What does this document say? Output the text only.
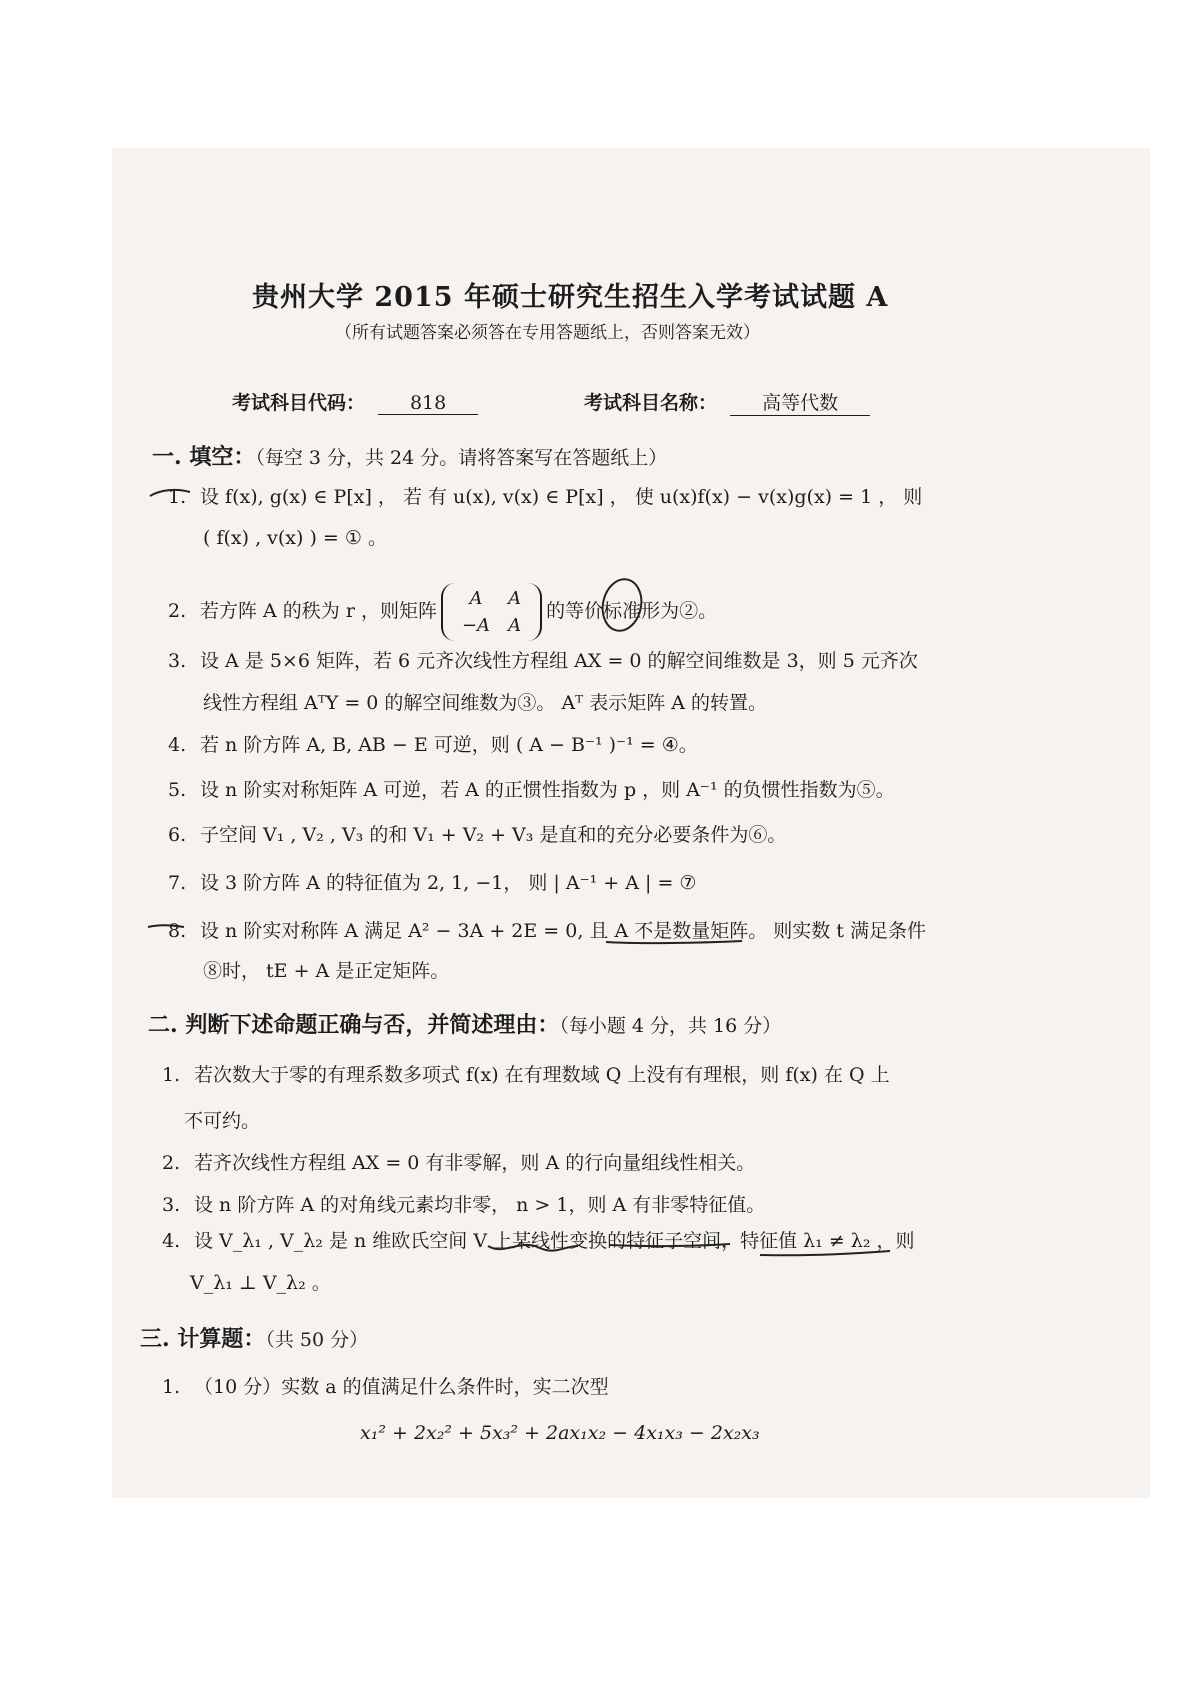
贵州大学 2015 年硕士研究生招生入学考试试题 A
（所有试题答案必须答在专用答题纸上，否则答案无效）
考试科目代码： 818	考试科目名称： 高等代数
一. 填空：（每空 3 分，共 24 分。请将答案写在答题纸上）
1. 设 f(x), g(x) ∈ P[x] ， 若 有 u(x), v(x) ∈ P[x] ， 使 u(x)f(x) − v(x)g(x) = 1 ， 则
( f(x) , v(x) ) = ① 。
2. 若方阵 A 的秩为 r ，则矩阵
A	A
−A	A
的等价标准形为②。
3. 设 A 是 5×6 矩阵，若 6 元齐次线性方程组 AX = 0 的解空间维数是 3，则 5 元齐次
线性方程组 AᵀY = 0 的解空间维数为③。 Aᵀ 表示矩阵 A 的转置。
4. 若 n 阶方阵 A, B, AB − E 可逆，则 ( A − B⁻¹ )⁻¹ = ④。
5. 设 n 阶实对称矩阵 A 可逆，若 A 的正惯性指数为 p ，则 A⁻¹ 的负惯性指数为⑤。
6. 子空间 V₁ , V₂ , V₃ 的和 V₁ + V₂ + V₃ 是直和的充分必要条件为⑥。
7. 设 3 阶方阵 A 的特征值为 2, 1, −1， 则 | A⁻¹ + A | = ⑦
8. 设 n 阶实对称阵 A 满足 A² − 3A + 2E = 0, 且 A 不是数量矩阵。 则实数 t 满足条件
⑧时， tE + A 是正定矩阵。
二. 判断下述命题正确与否，并简述理由：（每小题 4 分，共 16 分）
1. 若次数大于零的有理系数多项式 f(x) 在有理数域 Q 上没有有理根，则 f(x) 在 Q 上
不可约。
2. 若齐次线性方程组 AX = 0 有非零解，则 A 的行向量组线性相关。
3. 设 n 阶方阵 A 的对角线元素均非零， n > 1，则 A 有非零特征值。
4. 设 V_λ₁ , V_λ₂ 是 n 维欧氏空间 V 上某线性变换的特征子空间，特征值 λ₁ ≠ λ₂ ，则
V_λ₁ ⊥ V_λ₂ 。
三. 计算题：（共 50 分）
1. （10 分）实数 a 的值满足什么条件时，实二次型
x₁² + 2x₂² + 5x₃² + 2ax₁x₂ − 4x₁x₃ − 2x₂x₃
